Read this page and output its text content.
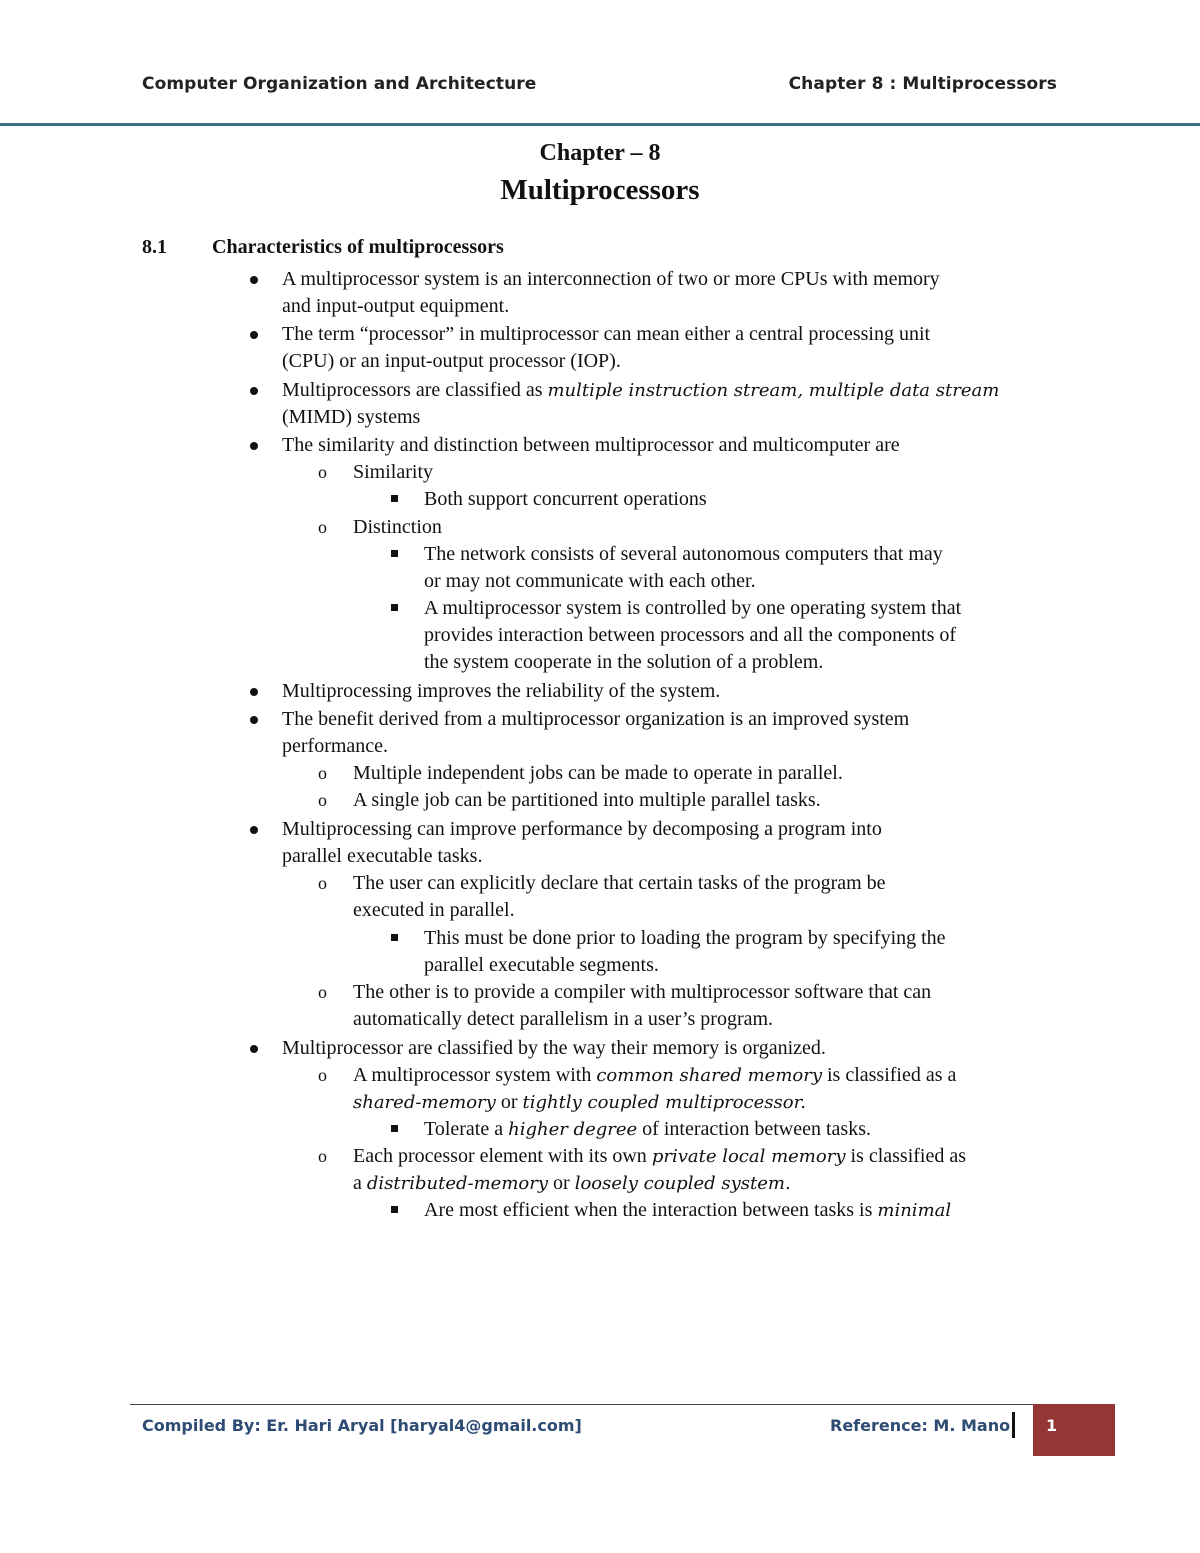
Computer Organization and Architecture	Chapter 8 : Multiprocessors
Chapter – 8
Multiprocessors
8.1 Characteristics of multiprocessors
A multiprocessor system is an interconnection of two or more CPUs with memory
and input-output equipment.
The term “processor” in multiprocessor can mean either a central processing unit
(CPU) or an input-output processor (IOP).
Multiprocessors are classified as multiple instruction stream, multiple data stream
(MIMD) systems
The similarity and distinction between multiprocessor and multicomputer are
o Similarity
Both support concurrent operations
o Distinction
The network consists of several autonomous computers that may
or may not communicate with each other.
A multiprocessor system is controlled by one operating system that
provides interaction between processors and all the components of
the system cooperate in the solution of a problem.
Multiprocessing improves the reliability of the system.
The benefit derived from a multiprocessor organization is an improved system
performance.
o Multiple independent jobs can be made to operate in parallel.
o A single job can be partitioned into multiple parallel tasks.
Multiprocessing can improve performance by decomposing a program into
parallel executable tasks.
o The user can explicitly declare that certain tasks of the program be
executed in parallel.
This must be done prior to loading the program by specifying the
parallel executable segments.
o The other is to provide a compiler with multiprocessor software that can
automatically detect parallelism in a user’s program.
Multiprocessor are classified by the way their memory is organized.
o A multiprocessor system with common shared memory is classified as a
shared-memory or tightly coupled multiprocessor.
Tolerate a higher degree of interaction between tasks.
o Each processor element with its own private local memory is classified as
a distributed-memory or loosely coupled system.
Are most efficient when the interaction between tasks is minimal
Compiled By: Er. Hari Aryal [haryal4@gmail.com]	Reference: M. Mano 1
